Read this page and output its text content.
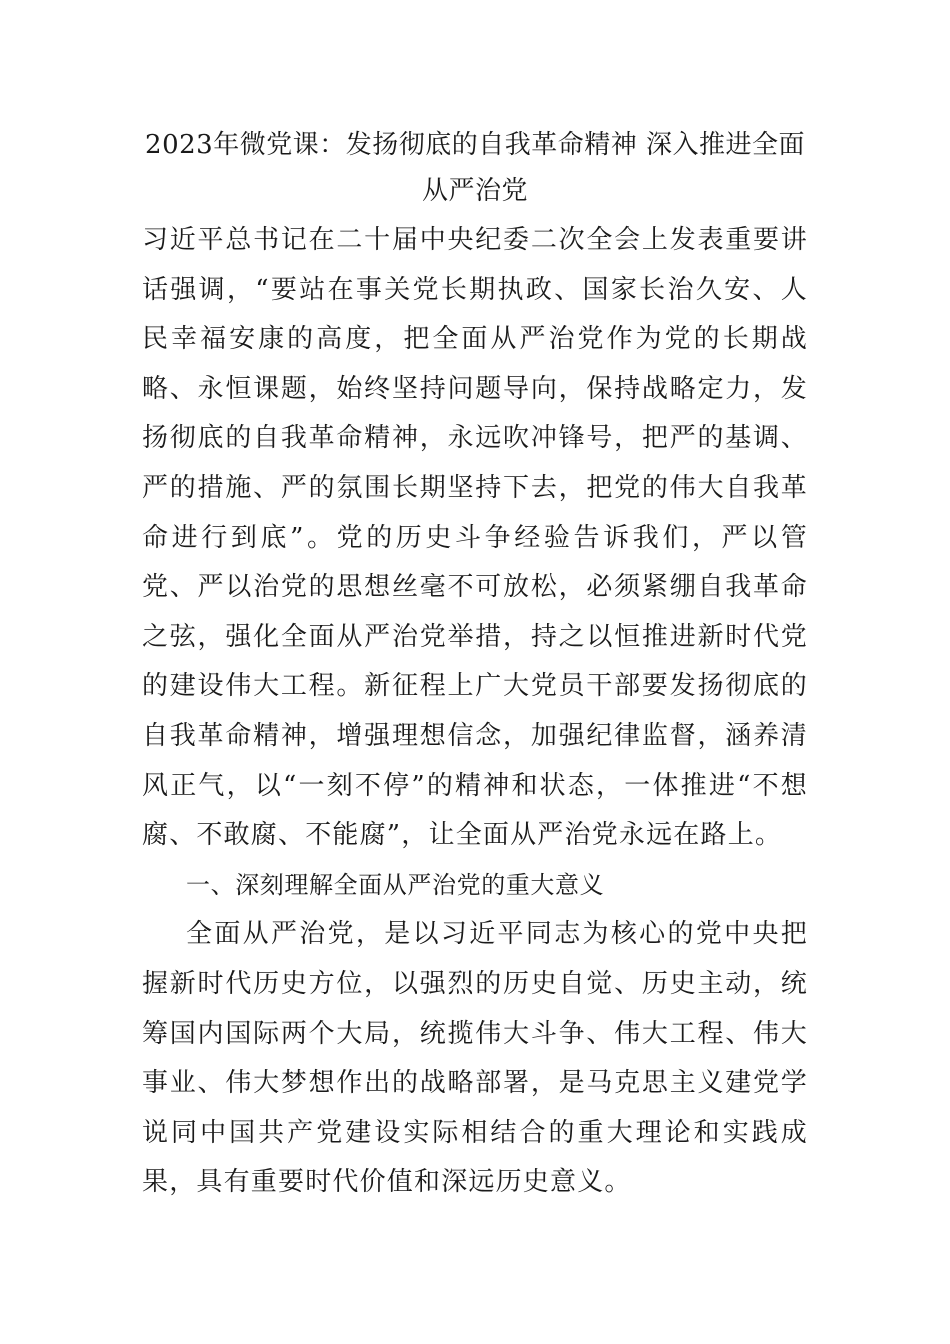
2023年微党课：发扬彻底的自我革命精神 深入推进全面从严治党

习近平总书记在二十届中央纪委二次全会上发表重要讲话强调，“要站在事关党长期执政、国家长治久安、人民幸福安康的高度，把全面从严治党作为党的长期战略、永恒课题，始终坚持问题导向，保持战略定力，发扬彻底的自我革命精神，永远吹冲锋号，把严的基调、严的措施、严的氛围长期坚持下去，把党的伟大自我革命进行到底”。党的历史斗争经验告诉我们，严以管党、严以治党的思想丝毫不可放松，必须紧绷自我革命之弦，强化全面从严治党举措，持之以恒推进新时代党的建设伟大工程。新征程上广大党员干部要发扬彻底的自我革命精神，增强理想信念，加强纪律监督，涵养清风正气，以“一刻不停”的精神和状态，一体推进“不想腐、不敢腐、不能腐”，让全面从严治党永远在路上。

一、深刻理解全面从严治党的重大意义

全面从严治党，是以习近平同志为核心的党中央把握新时代历史方位，以强烈的历史自觉、历史主动，统筹国内国际两个大局，统揽伟大斗争、伟大工程、伟大事业、伟大梦想作出的战略部署，是马克思主义建党学说同中国共产党建设实际相结合的重大理论和实践成果，具有重要时代价值和深远历史意义。
